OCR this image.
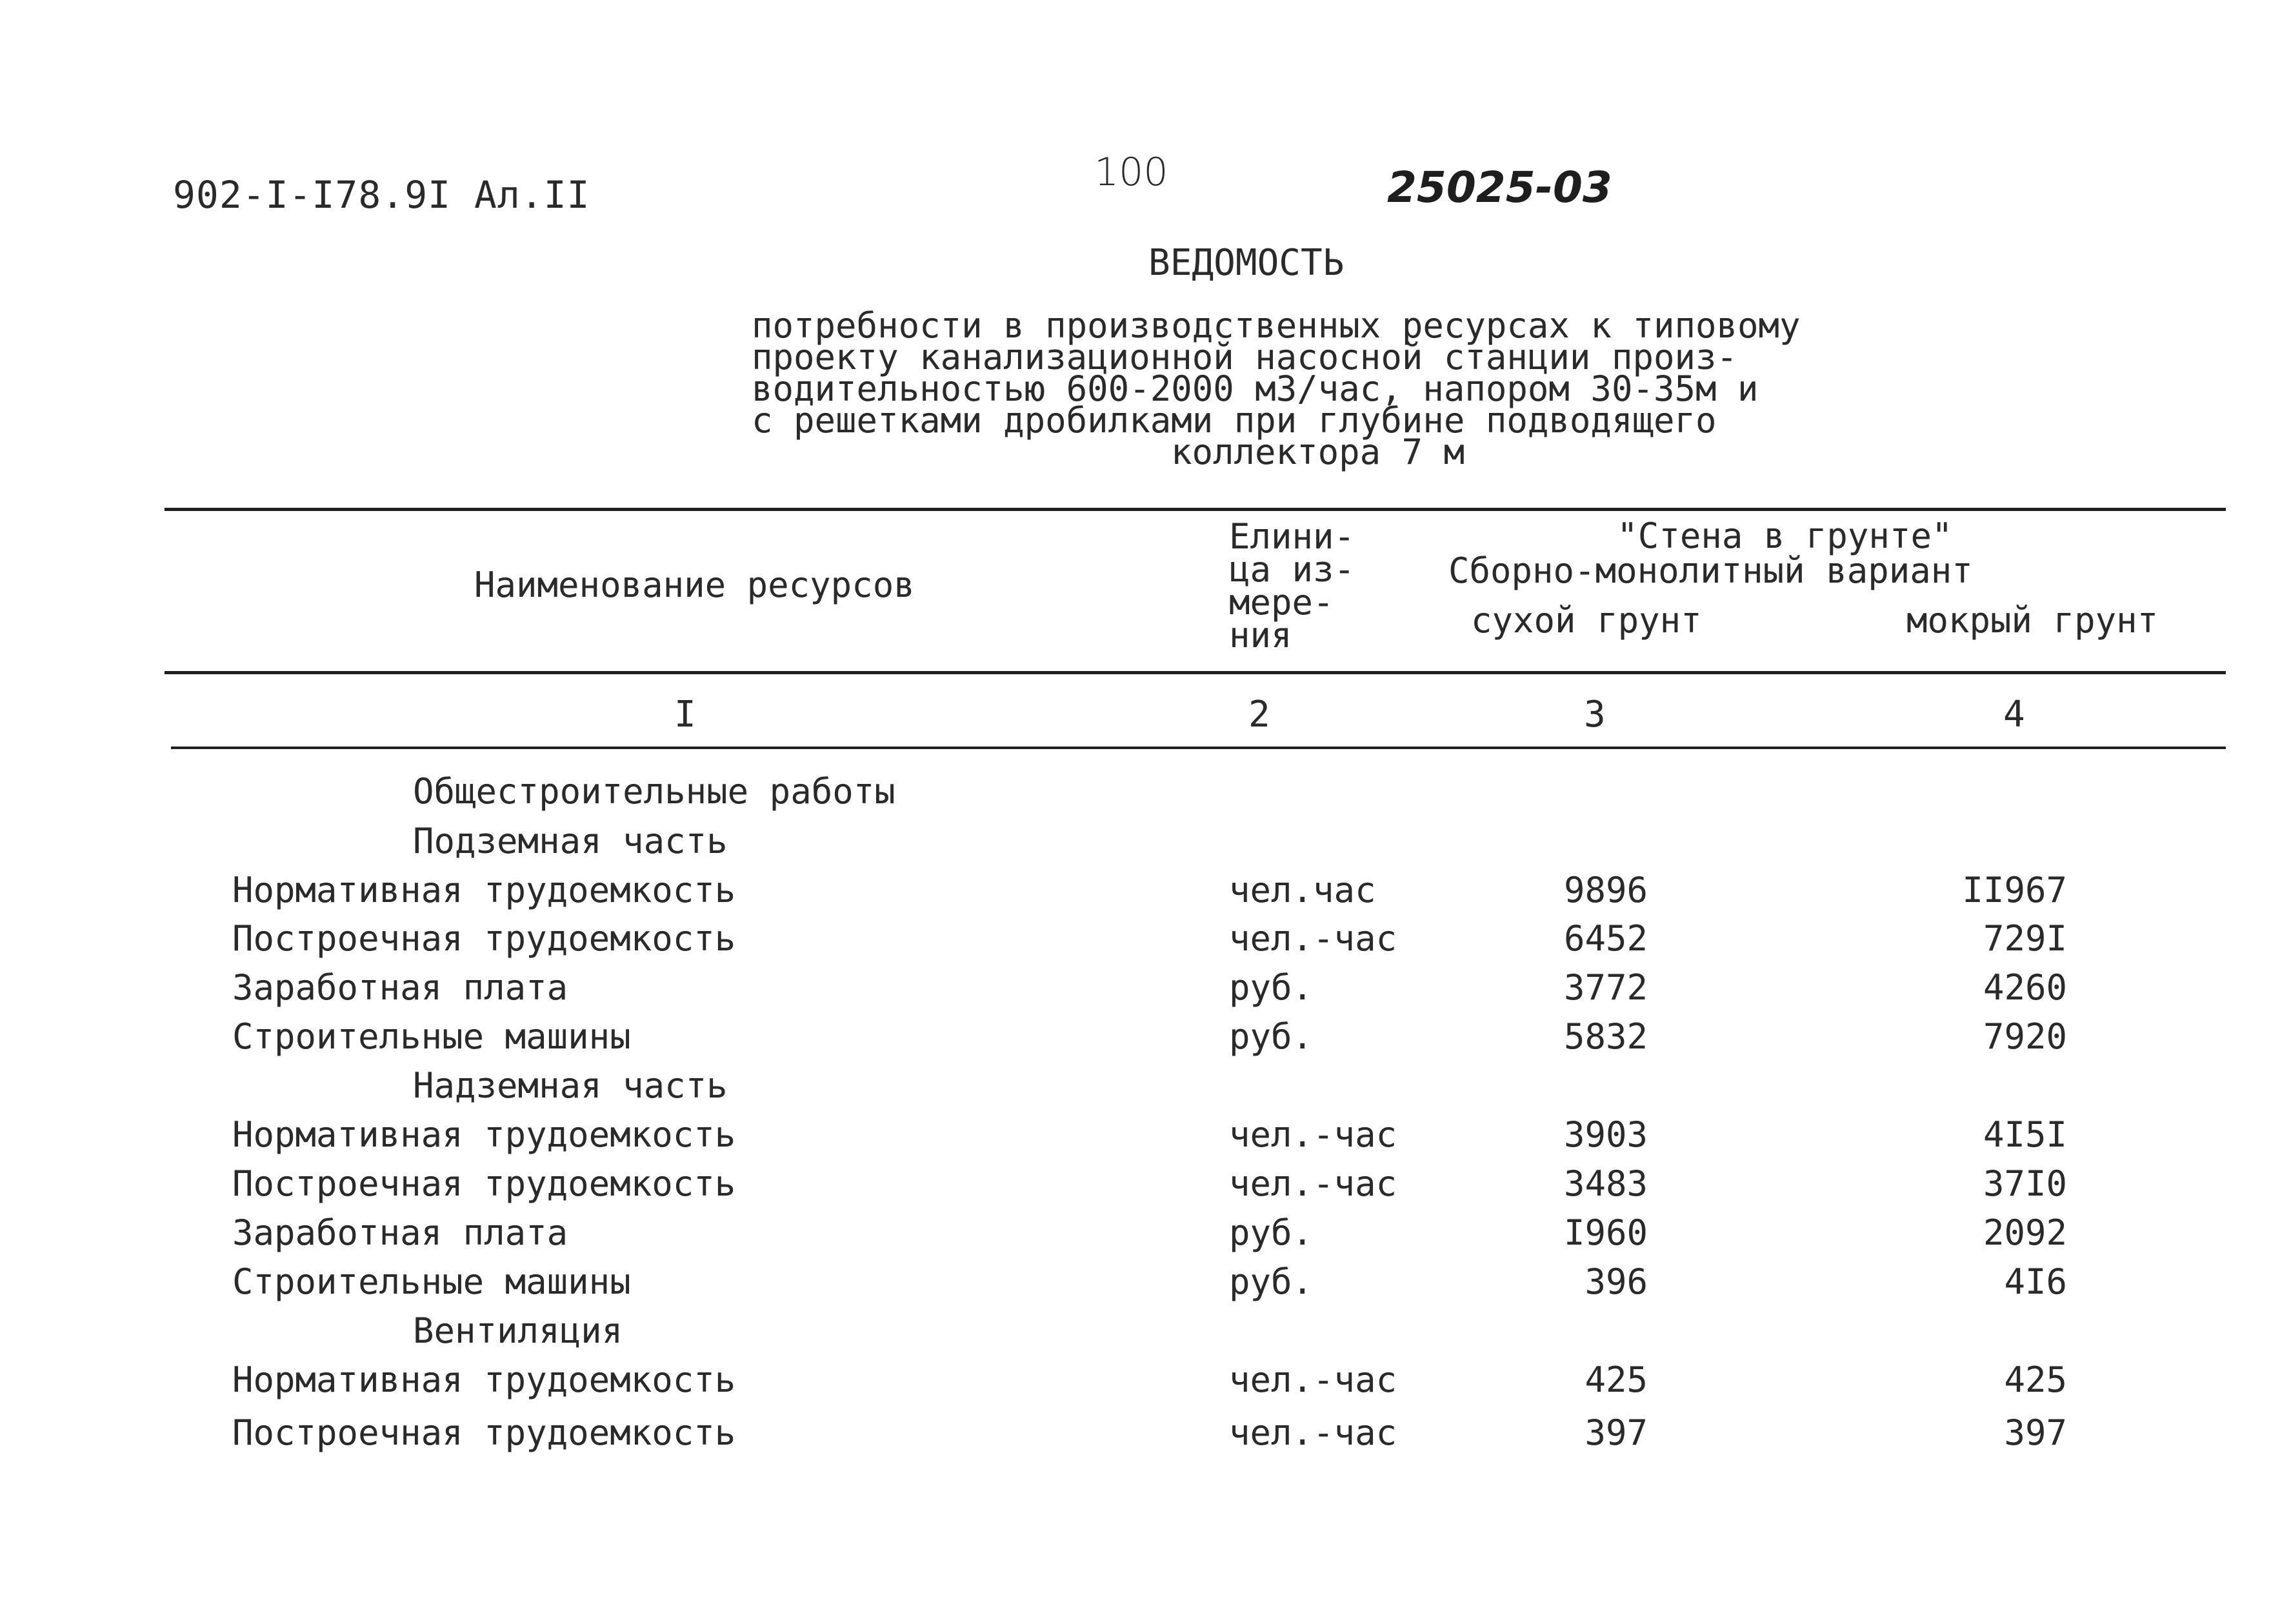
902-I-I78.9I Ал.II	100	25025-03
ВЕДОМОСТЬ
потребности в производственных ресурсах к типовому
проекту канализационной насосной станции произ-
водительностью 600-2000 м3/час, напором 30-35м и
с решетками дробилками при глубине подводящего
коллектора 7 м
Наименование ресурсов
Елини-
ца из-
мере-
ния
"Стена в грунте"
Сборно-монолитный вариант
сухой грунт	мокрый грунт
I	2	3	4
Общестроительные работы
Подземная часть
Нормативная трудоемкость	чел.час	9896	II967
Построечная трудоемкость	чел.-час	6452	729I
Заработная плата	руб.	3772	4260
Строительные машины	руб.	5832	7920
Надземная часть
Нормативная трудоемкость	чел.-час	3903	4I5I
Построечная трудоемкость	чел.-час	3483	37I0
Заработная плата	руб.	I960	2092
Строительные машины	руб.	396	4I6
Вентиляция
Нормативная трудоемкость	чел.-час	425	425
Построечная трудоемкость	чел.-час	397	397
